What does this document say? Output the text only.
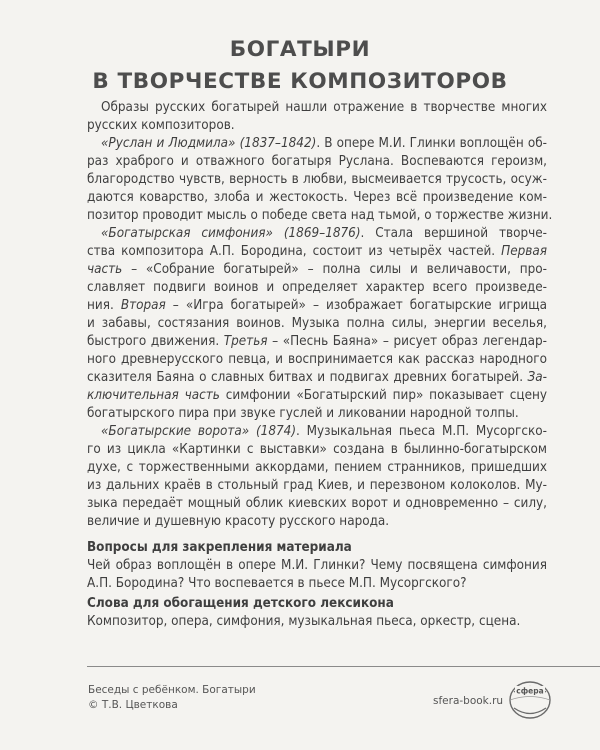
БОГАТЫРИ
В ТВОРЧЕСТВЕ КОМПОЗИТОРОВ
Образы русских богатырей нашли отражение в творчестве многих
русских композиторов.
«Руслан и Людмила» (1837–1842). В опере М.И. Глинки воплощён об-
раз храброго и отважного богатыря Руслана. Воспеваются героизм,
благородство чувств, верность в любви, высмеивается трусость, осуж-
даются коварство, злоба и жестокость. Через всё произведение ком-
позитор проводит мысль о победе света над тьмой, о торжестве жизни.
«Богатырская симфония» (1869–1876). Стала вершиной творче-
ства композитора А.П. Бородина, состоит из четырёх частей. Первая
часть – «Собрание богатырей» – полна силы и величавости, про-
славляет подвиги воинов и определяет характер всего произведе-
ния. Вторая – «Игра богатырей» – изображает богатырские игрища
и забавы, состязания воинов. Музыка полна силы, энергии веселья,
быстрого движения. Третья – «Песнь Баяна» – рисует образ легендар-
ного древнерусского певца, и воспринимается как рассказ народного
сказителя Баяна о славных битвах и подвигах древних богатырей. За-
ключительная часть симфонии «Богатырский пир» показывает сцену
богатырского пира при звуке гуслей и ликовании народной толпы.
«Богатырские ворота» (1874). Музыкальная пьеса М.П. Мусоргско-
го из цикла «Картинки с выставки» создана в былинно-богатырском
духе, с торжественными аккордами, пением странников, пришедших
из дальних краёв в стольный град Киев, и перезвоном колоколов. Му-
зыка передаёт мощный облик киевских ворот и одновременно – силу,
величие и душевную красоту русского народа.
Вопросы для закрепления материала
Чей образ воплощён в опере М.И. Глинки? Чему посвящена симфония
А.П. Бородина? Что воспевается в пьесе М.П. Мусоргского?
Слова для обогащения детского лексикона
Композитор, опера, симфония, музыкальная пьеса, оркестр, сцена.
Беседы с ребёнком. Богатыри
© Т.В. Цветкова	sfera-book.ru
сфера
